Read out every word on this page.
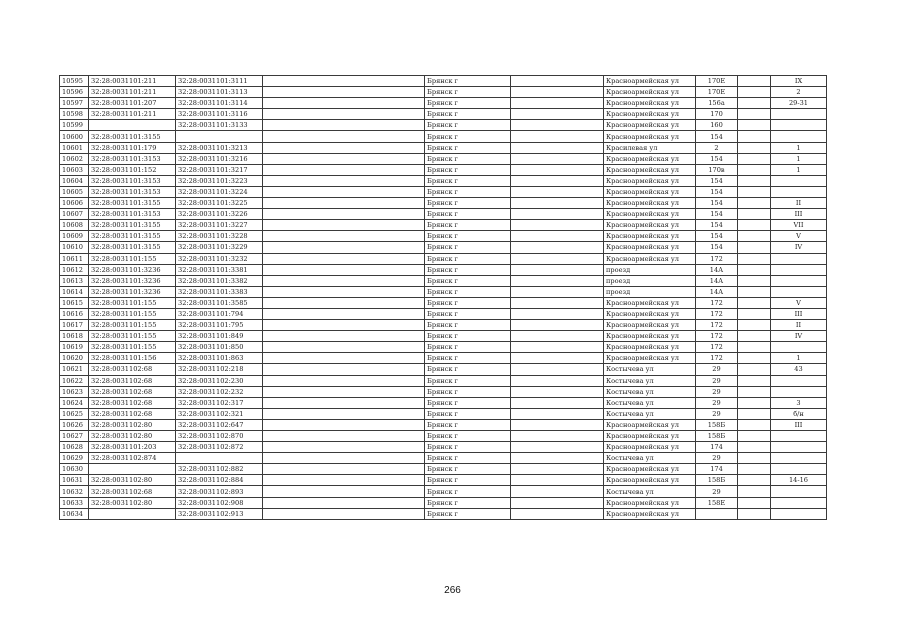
10595	32:28:0031101:211	32:28:0031101:3111		Брянск г		Красноармейская ул	170Е		IX
10596	32:28:0031101:211	32:28:0031101:3113		Брянск г		Красноармейская ул	170Е		2
10597	32:28:0031101:207	32:28:0031101:3114		Брянск г		Красноармейская ул	156а		29-31
10598	32:28:0031101:211	32:28:0031101:3116		Брянск г		Красноармейская ул	170		
10599		32:28:0031101:3133		Брянск г		Красноармейская ул	160		
10600	32:28:0031101:3155			Брянск г		Красноармейская ул	154		
10601	32:28:0031101:179	32:28:0031101:3213		Брянск г		Красилевая ул	2		1
10602	32:28:0031101:3153	32:28:0031101:3216		Брянск г		Красноармейская ул	154		1
10603	32:28:0031101:152	32:28:0031101:3217		Брянск г		Красноармейская ул	170в		1
10604	32:28:0031101:3153	32:28:0031101:3223		Брянск г		Красноармейская ул	154		
10605	32:28:0031101:3153	32:28:0031101:3224		Брянск г		Красноармейская ул	154		
10606	32:28:0031101:3155	32:28:0031101:3225		Брянск г		Красноармейская ул	154		II
10607	32:28:0031101:3153	32:28:0031101:3226		Брянск г		Красноармейская ул	154		III
10608	32:28:0031101:3155	32:28:0031101:3227		Брянск г		Красноармейская ул	154		VII
10609	32:28:0031101:3155	32:28:0031101:3228		Брянск г		Красноармейская ул	154		V
10610	32:28:0031101:3155	32:28:0031101:3229		Брянск г		Красноармейская ул	154		IV
10611	32:28:0031101:155	32:28:0031101:3232		Брянск г		Красноармейская ул	172		
10612	32:28:0031101:3236	32:28:0031101:3381		Брянск г		проезд	14А		
10613	32:28:0031101:3236	32:28:0031101:3382		Брянск г		проезд	14А		
10614	32:28:0031101:3236	32:28:0031101:3383		Брянск г		проезд	14А		
10615	32:28:0031101:155	32:28:0031101:3585		Брянск г		Красноармейская ул	172		V
10616	32:28:0031101:155	32:28:0031101:794		Брянск г		Красноармейская ул	172		III
10617	32:28:0031101:155	32:28:0031101:795		Брянск г		Красноармейская ул	172		II
10618	32:28:0031101:155	32:28:0031101:849		Брянск г		Красноармейская ул	172		IV
10619	32:28:0031101:155	32:28:0031101:850		Брянск г		Красноармейская ул	172		
10620	32:28:0031101:156	32:28:0031101:863		Брянск г		Красноармейская ул	172		1
10621	32:28:0031102:68	32:28:0031102:218		Брянск г		Костычева ул	29		43
10622	32:28:0031102:68	32:28:0031102:230		Брянск г		Костычева ул	29		
10623	32:28:0031102:68	32:28:0031102:232		Брянск г		Костычева ул	29		
10624	32:28:0031102:68	32:28:0031102:317		Брянск г		Костычева ул	29		3
10625	32:28:0031102:68	32:28:0031102:321		Брянск г		Костычева ул	29		б/н
10626	32:28:0031102:80	32:28:0031102:647		Брянск г		Красноармейская ул	158Б		III
10627	32:28:0031102:80	32:28:0031102:870		Брянск г		Красноармейская ул	158Б		
10628	32:28:0031101:203	32:28:0031102:872		Брянск г		Красноармейская ул	174		
10629	32:28:0031102:874			Брянск г		Костычева ул	29		
10630		32:28:0031102:882		Брянск г		Красноармейская ул	174		
10631	32:28:0031102:80	32:28:0031102:884		Брянск г		Красноармейская ул	158Б		14-16
10632	32:28:0031102:68	32:28:0031102:893		Брянск г		Костычева ул	29		
10633	32:28:0031102:80	32:28:0031102:908		Брянск г		Красноармейская ул	158Е		
10634		32:28:0031102:913		Брянск г		Красноармейская ул			
266
